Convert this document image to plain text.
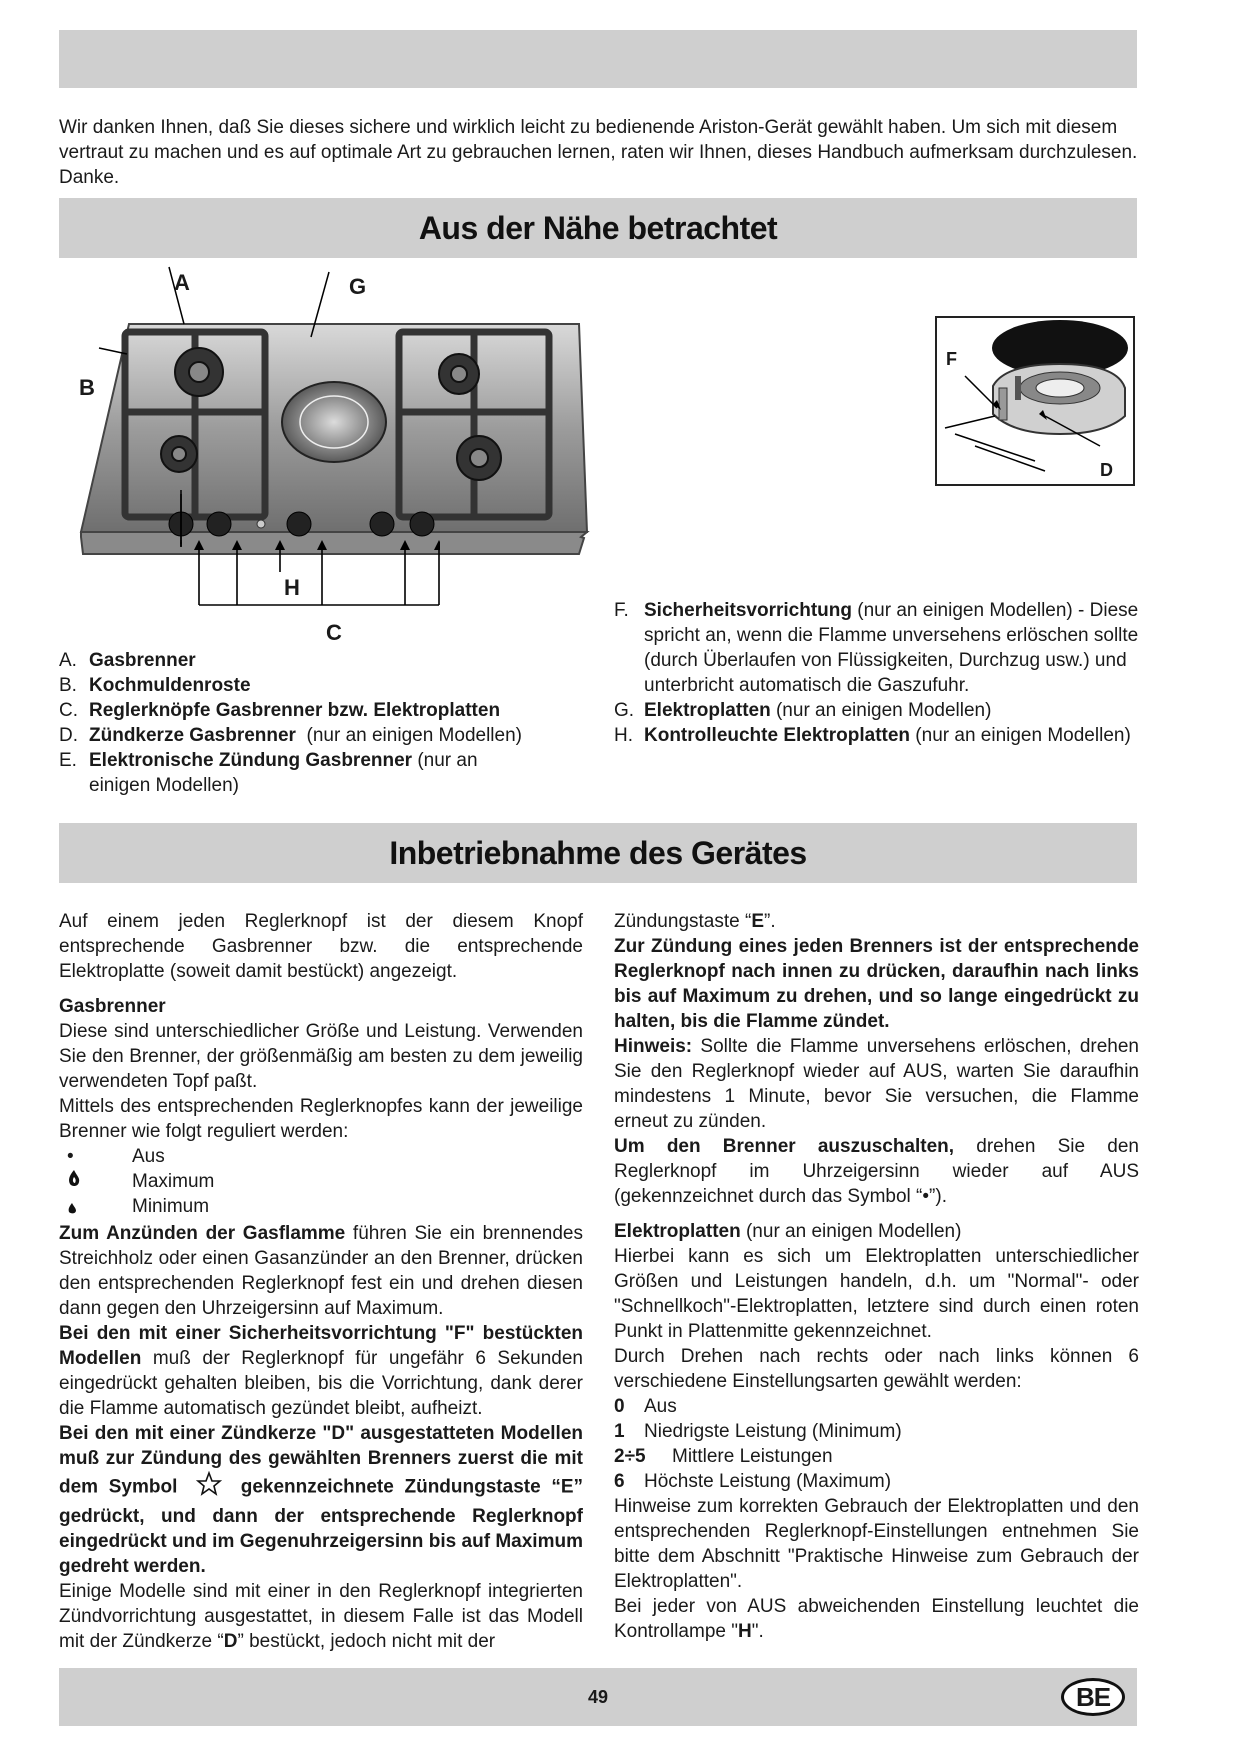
Wir danken Ihnen, daß Sie dieses sichere und wirklich leicht zu bedienende Ariston-Gerät gewählt haben. Um sich mit diesem vertraut zu machen und es auf optimale Art zu gebrauchen lernen, raten wir Ihnen, dieses Handbuch aufmerksam durchzulesen. Danke.

Aus der Nähe betrachtet
A	G
B
H
C
F
D
A. Gasbrenner
B. Kochmuldenroste
C. Reglerknöpfe Gasbrenner bzw. Elektroplatten
D. Zündkerze Gasbrenner  (nur an einigen Modellen)
E. Elektronische Zündung Gasbrenner (nur an einigen Modellen)
F. Sicherheitsvorrichtung (nur an einigen Modellen) - Diese spricht an, wenn die Flamme unversehens erlöschen sollte (durch Überlaufen von Flüssigkeiten, Durchzug usw.) und unterbricht automatisch die Gaszufuhr.
G. Elektroplatten (nur an einigen Modellen)
H. Kontrolleuchte Elektroplatten (nur an einigen Modellen)
Inbetriebnahme des Gerätes

Auf einem jeden Reglerknopf ist der diesem Knopf entsprechende Gasbrenner bzw. die entsprechende Elektroplatte (soweit damit bestückt) angezeigt.

Gasbrenner

Diese sind unterschiedlicher Größe und Leistung. Verwenden Sie den Brenner, der größenmäßig am besten zu dem jeweilig verwendeten Topf paßt.

Mittels des entsprechenden Reglerknopfes kann der jeweilige Brenner wie folgt reguliert werden:

•	Aus
Maximum
Minimum

Zum Anzünden der Gasflamme führen Sie ein brennendes Streichholz oder einen Gasanzünder an den Brenner, drücken den entsprechenden Reglerknopf fest ein und drehen diesen dann gegen den Uhrzeigersinn auf Maximum.

Bei den mit einer Sicherheitsvorrichtung "F" bestückten Modellen muß der Reglerknopf für ungefähr 6 Sekunden eingedrückt gehalten bleiben, bis die Vorrichtung, dank derer die Flamme automatisch gezündet bleibt, aufheizt.

Bei den mit einer Zündkerze "D" ausgestatteten Modellen muß zur Zündung des gewählten Brenners zuerst die mit dem Symbol	gekennzeichnete Zündungstaste “E” gedrückt, und dann der entsprechende Reglerknopf eingedrückt und im Gegenuhrzeigersinn bis auf Maximum gedreht werden.

Einige Modelle sind mit einer in den Reglerknopf integrierten Zündvorrichtung ausgestattet, in diesem Falle ist das Modell mit der Zündkerze “D” bestückt, jedoch nicht mit der

Zündungstaste “E”.

Zur Zündung eines jeden Brenners ist der entsprechende Reglerknopf nach innen zu drücken, daraufhin nach links bis auf Maximum zu drehen, und so lange eingedrückt zu halten, bis die Flamme zündet.

Hinweis: Sollte die Flamme unversehens erlöschen, drehen Sie den Reglerknopf wieder auf AUS, warten Sie daraufhin mindestens 1 Minute, bevor Sie versuchen, die Flamme erneut zu zünden.

Um den Brenner auszuschalten, drehen Sie den Reglerknopf im Uhrzeigersinn wieder auf AUS (gekennzeichnet durch das Symbol “•”).

Elektroplatten (nur an einigen Modellen)

Hierbei kann es sich um Elektroplatten unterschiedlicher Größen und Leistungen handeln, d.h. um "Normal"- oder "Schnellkoch"-Elektroplatten, letztere sind durch einen roten Punkt in Plattenmitte gekennzeichnet.

Durch Drehen nach rechts oder nach links können 6 verschiedene Einstellungsarten gewählt werden:

0	Aus
1	Niedrigste Leistung (Minimum)
2÷5	Mittlere Leistungen
6	Höchste Leistung (Maximum)

Hinweise zum korrekten Gebrauch der Elektroplatten und den entsprechenden Reglerknopf-Einstellungen entnehmen Sie bitte dem Abschnitt "Praktische Hinweise zum Gebrauch der Elektroplatten".

Bei jeder von AUS abweichenden Einstellung leuchtet die Kontrollampe "H".

49	BE
